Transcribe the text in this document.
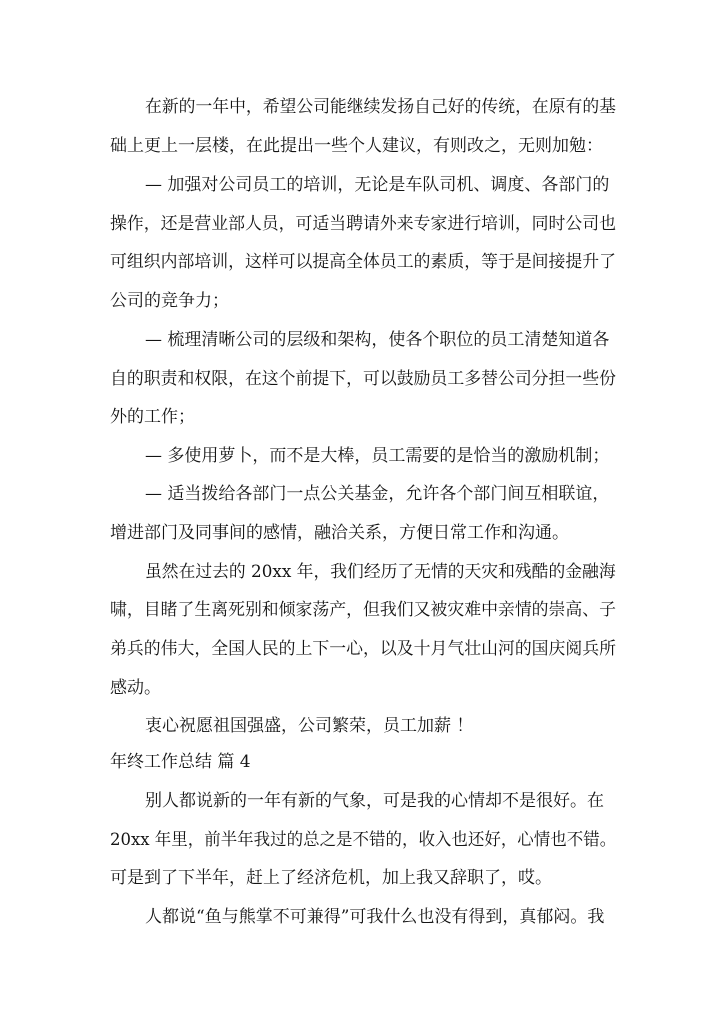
在新的一年中，希望公司能继续发扬自己好的传统，在原有的基
础上更上一层楼，在此提出一些个人建议，有则改之，无则加勉：
— 加强对公司员工的培训，无论是车队司机、调度、各部门的
操作，还是营业部人员，可适当聘请外来专家进行培训，同时公司也
可组织内部培训，这样可以提高全体员工的素质，等于是间接提升了
公司的竞争力；
— 梳理清晰公司的层级和架构，使各个职位的员工清楚知道各
自的职责和权限，在这个前提下，可以鼓励员工多替公司分担一些份
外的工作；
— 多使用萝卜，而不是大棒，员工需要的是恰当的激励机制；
— 适当拨给各部门一点公关基金，允许各个部门间互相联谊，
增进部门及同事间的感情，融洽关系，方便日常工作和沟通。
虽然在过去的 20xx 年，我们经历了无情的天灾和残酷的金融海
啸，目睹了生离死别和倾家荡产，但我们又被灾难中亲情的崇高、子
弟兵的伟大，全国人民的上下一心，以及十月气壮山河的国庆阅兵所
感动。
衷心祝愿祖国强盛，公司繁荣，员工加薪 ！
年终工作总结 篇 4
别人都说新的一年有新的气象，可是我的心情却不是很好。在
20xx 年里，前半年我过的总之是不错的，收入也还好，心情也不错。
可是到了下半年，赶上了经济危机，加上我又辞职了，哎。
人都说“鱼与熊掌不可兼得”可我什么也没有得到，真郁闷。我
